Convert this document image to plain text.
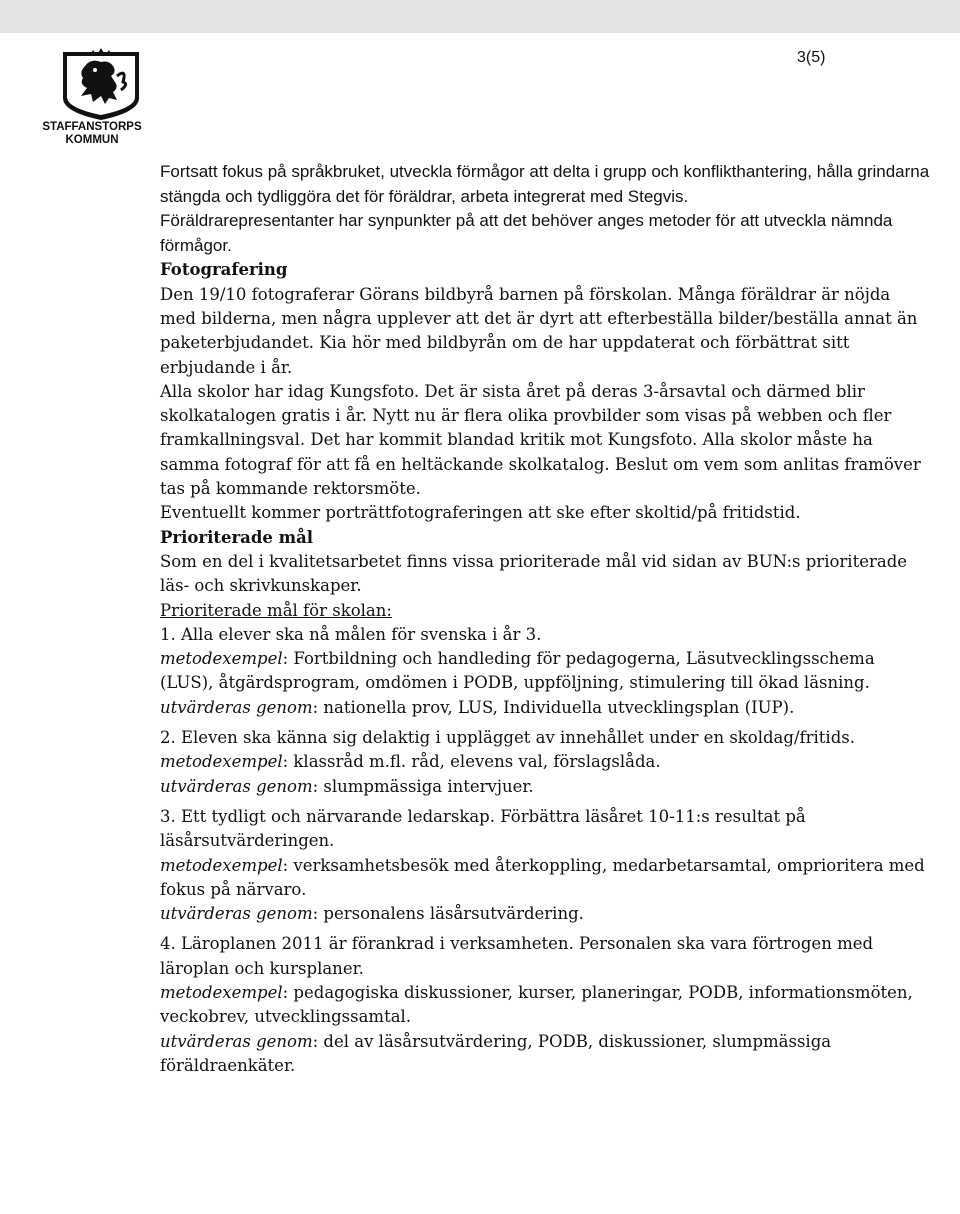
STAFFANSTORPS
KOMMUN
3(5)

Fortsatt fokus på språkbruket, utveckla förmågor att delta i grupp och konflikthantering, hålla grindarna stängda och tydliggöra det för föräldrar, arbeta integrerat med Stegvis.

Föräldrarepresentanter har synpunkter på att det behöver anges metoder för att utveckla nämnda förmågor.

Fotografering

Den 19/10 fotograferar Görans bildbyrå barnen på förskolan. Många föräldrar är nöjda med bilderna, men några upplever att det är dyrt att efterbeställa bilder/beställa annat än paketerbjudandet. Kia hör med bildbyrån om de har uppdaterat och förbättrat sitt erbjudande i år.

Alla skolor har idag Kungsfoto. Det är sista året på deras 3-årsavtal och därmed blir skolkatalogen gratis i år. Nytt nu är flera olika provbilder som visas på webben och fler framkallningsval. Det har kommit blandad kritik mot Kungsfoto. Alla skolor måste ha samma fotograf för att få en heltäckande skolkatalog. Beslut om vem som anlitas framöver tas på kommande rektorsmöte.

Eventuellt kommer porträttfotograferingen att ske efter skoltid/på fritidstid.

Prioriterade mål

Som en del i kvalitetsarbetet finns vissa prioriterade mål vid sidan av BUN:s prioriterade läs- och skrivkunskaper.

Prioriterade mål för skolan:

1. Alla elever ska nå målen för svenska i år 3.

metodexempel: Fortbildning och handleding för pedagogerna, Läsutvecklingsschema (LUS), åtgärdsprogram, omdömen i PODB, uppföljning, stimulering till ökad läsning.

utvärderas genom: nationella prov, LUS, Individuella utvecklingsplan (IUP).

2. Eleven ska känna sig delaktig i upplägget av innehållet under en skoldag/fritids.

metodexempel: klassråd m.fl. råd, elevens val, förslagslåda.

utvärderas genom: slumpmässiga intervjuer.

3. Ett tydligt och närvarande ledarskap. Förbättra läsåret 10-11:s resultat på läsårsutvärderingen.

metodexempel: verksamhetsbesök med återkoppling, medarbetarsamtal, omprioritera med fokus på närvaro.

utvärderas genom: personalens läsårsutvärdering.

4. Läroplanen 2011 är förankrad i verksamheten. Personalen ska vara förtrogen med läroplan och kursplaner.

metodexempel: pedagogiska diskussioner, kurser, planeringar, PODB, informationsmöten,    veckobrev, utvecklingssamtal.

utvärderas genom: del av läsårsutvärdering, PODB, diskussioner, slumpmässiga föräldraenkäter.
